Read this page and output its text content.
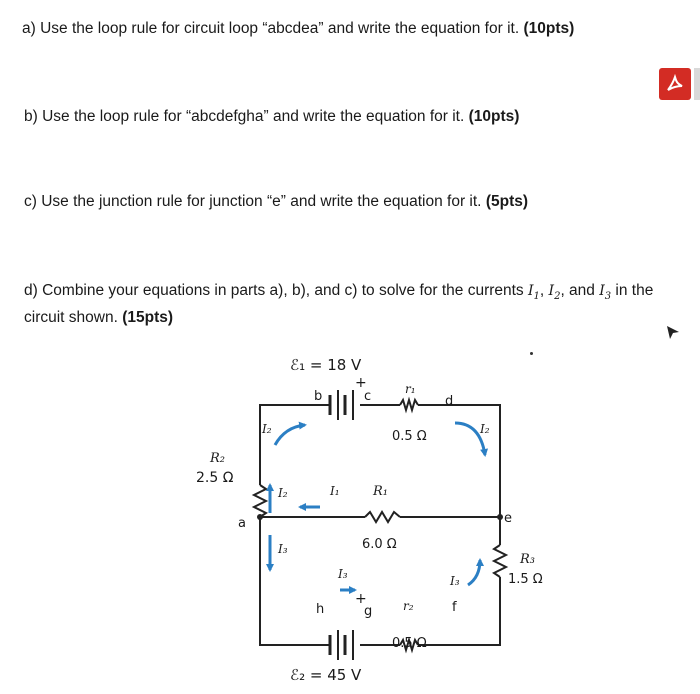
a) Use the loop rule for circuit loop “abcdea” and write the equation for it. (10pts)
b) Use the loop rule for “abcdefgha” and write the equation for it. (10pts)
c) Use the junction rule for junction “e” and write the equation for it. (5pts)
d) Combine your equations in parts a), b), and c) to solve for the currents $I_1$, $I_2$, and $I_3$ in the circuit shown. (15pts)
ℰ₁ = 18 V
+
b	c	d
r₁
0.5 Ω
I₂	I₂
R₂
2.5 Ω
I₂	I₁	R₁
6.0 Ω
a	e
I₃
R₃
1.5 Ω
I₃
I₃
h
+
g	f
r₂
0.5 Ω
ℰ₂ = 45 V
